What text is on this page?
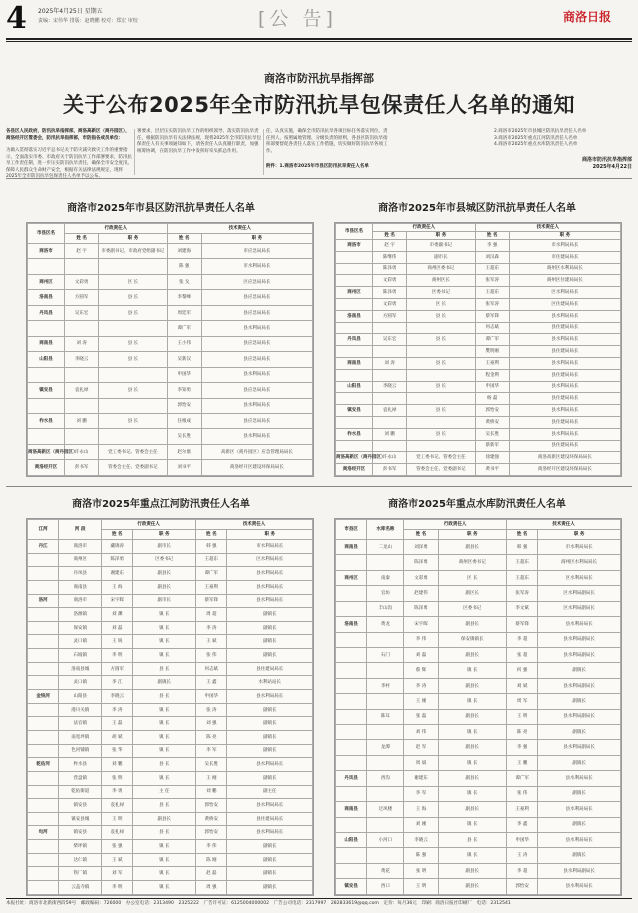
4 2025年4月25日 星期五
责编：宋伟华 排版：赵晓鹏 校对：郑宏 审校	[公 告]	商洛日报
商洛市防汛抗旱指挥部
关于公布2025年全市防汛抗旱包保责任人名单的通知
各县区人民政府，防汛抗旱指挥部，商洛高新区（商丹园区），商洛经开区管委会，防汛抗旱指挥部，市防指各成员单位：
为做入贯彻落实习近平总书记关于防灾减灾救灾工作的重要指示，全面落实市委、市政府关于防汛抗旱工作部署要求，防汛抗旱工作责任制，进一步压实防汛抗旱责任，确保全市安全度汛，保障人民群众生命财产安全，根据有关法律法规规定，现将2025年全市防汛抗旱包保责任人名单予以公布。
署要求，层层压实防汛抗旱工作的组织领导、落实防汛抗旱责任，根据防汛抗旱有关法律法规，现将2025年全市防汛抗旱包保责任人有关事项通知如下，请各责任人认真履行职责，加强统筹协调，在防汛抗旱工作中发挥好牵头抓总作用。
任，认真实施，确保全市防汛抗旱各项目标任务落实到位，责任到人，按照属地管理、分级负责的原则，各县区防汛抗旱指挥部要督促各责任人落实工作措施，切实做好防汛抗旱各项工作。
附件：1.商洛市2025年市县区防汛抗旱责任人名单
2.商洛市2025年市县城区防汛抗旱责任人名单
3.商洛市2025年重点江河防汛责任人名单
4.商洛市2025年重点水库防汛责任人名单
商洛市防汛抗旱指挥部
2025年4月22日
商洛市2025年市县区防汛抗旱责任人名单
市县区名	行政责任人		技术责任人	
	姓 名	职 务	姓 名	职 务
商洛市	赵 宇	市委副书记、市政府党组副书记	刘建海	市应急局局长
			陈 强	市水利局局长
商州区	文彩勇	区 长	张 戈	区应急局局长
洛南县	方圆军	县 长	李黎峰	县应急局局长
丹凤县	吴东宏	县 长	周廷军	县应急局局长
			谭广军	县水利局局长
商南县	刘 涛	县 长	王小伟	县应急局局长
山阳县	李晓云	县 长	吴新汉	县应急局局长
			申国华	县水利局局长
镇安县	袁礼禄	县 长	李知勇	县应急局局长
			郭怡安	县水利局局长
柞水县	刘 鹏	县 长	任根成	县应急局局长
			吴长胜	县水利局局长
商洛高新区（商丹园区）	许永山	党工委书记、管委会主任	赵尔康	高新区（商丹园区）应急管理局局长
商洛经开区	彭书军	管委会主任、党委副书记	刘书平	商洛经开区建设环保局局长
商洛市2025年市县城区防汛抗旱责任人名单
市县区名	行政责任人		技术责任人	
	姓 名	职 务	姓 名	职 务
商洛市	赵 宇	市委副书记	李 强	市水利局局长
	陈继伟	副市长	刘汉森	市住建局局长
	陈泽勇	商州区委书记	王超东	商州区水利局局长
	文彩勇	商州区长	张军涛	商州区住建局局长
商州区	陈泽勇	区委书记	王超东	区水利局局长
	文彩勇	区 长	张军涛	区住建局局长
洛南县	方圆军	县 长	蔡军锋	县水利局局长
			何志斌	县住建局局长
丹凤县	吴东宏	县 长	谭广军	县水利局局长
			樊明刚	县住建局局长
商南县	刘 涛	县 长	王豪利	县水利局局长
			程金利	县住建局局长
山阳县	李晓云	县 长	申国华	县水利局局长
			杨 磊	县住建局局长
镇安县	袁礼禄	县 长	郭怡安	县水利局局长
			黄桥安	县住建局局长
柞水县	刘 鹏	县 长	吴长胜	县水利局局长
			蔡新军	县住建局局长
商洛高新区（商丹园区）	许永山	党工委书记、管委会主任	徐建强	商洛高新区建设环保局局长
商洛经开区	彭书军	管委会主任、党委副书记	黄书平	商洛经开区建设环保局局长
商洛市2025年重点江河防汛责任人名单
江河	河 段	行政责任人		技术责任人	
		姓 名	职 务	姓 名	职 务
丹江	商洛市	藏锦涛	副市长	韩 强	市水利局局长
	商州区	陈泽勇	区委书记	王超东	区水利局局长
	丹凤县	谢建东	副县长	谭广军	县水利局局长
	商南县	王 海	副县长	王豪利	县水利局局长
洛河	商洛市	宋宇晖	副市长	蔡军锋	县水利局局长
	洛源镇	刘 渊	镇 长	周 超	副镇长
	保安镇	刘 磊	镇 长	李 涛	副镇长
	灵口镇	王 锐	镇 长	王 斌	副镇长
	石坡镇	李 明	镇 长	张 伟	副镇长
	洛南县城	方圆军	县 长	何志斌	县住建局局长
	灵口镇	李 江	副镇长	王 鑫	水利站站长
金钱河	山阳县	李晓云	县 长	申国华	县水利局局长
	漫川关镇	李 涛	镇 长	张 涛	副镇长
	法官镇	王 磊	镇 长	刘 强	副镇长
	南宽坪镇	胡 斌	镇 长	陈 亮	副镇长
	色河铺镇	张 华	镇 长	李 军	副镇长
乾佑河	柞水县	刘 鹏	县 长	吴长胜	县水利局局长
	营盘镇	张 明	镇 长	王 刚	副镇长
	乾佑街道	李 勇	主 任	刘 鹏	副主任
	镇安县	袁礼禄	县 长	郭怡安	县水利局局长
	镇安县城	王 明	副县长	黄桥安	县住建局局长
旬河	镇安县	袁礼禄	县 长	郭怡安	县水利局局长
	柴坪镇	张 强	镇 长	李 伟	副镇长
	达仁镇	王 斌	镇 长	陈 刚	副镇长
	铁厂镇	刘 军	镇 长	赵 磊	副镇长
	云盖寺镇	李 明	镇 长	周 强	副镇长
商洛市2025年重点水库防汛责任人名单
市县区	水库名称	行政责任人		技术责任人	
		姓 名	职 务	姓 名	职 务
商南县	二龙山	刘泽勇	副县长	韩 强	市水利局局长
		陈泽勇	商州区委书记	王超东	商州区水利局局长
商州区	南秦	文彩勇	区 长	王超东	区水利局局长
	官坊	赵建伟	副区长	张军涛	区水利局副局长
	丰山沟	陈泽勇	区委书记	李文斌	区水利局副局长
洛南县	黄龙	宋宇晖	副县长	蔡军锋	县水利局局长
		李 伟	保安镇镇长	李 超	县水利局副局长
	石门	刘 磊	副县长	张 超	县水利局副局长
		蔡 辉	镇 长	何 强	副镇长
	李村	李 涛	副县长	刘 斌	县水利局副局长
		王 刚	镇 长	周 军	副镇长
	陈耳	张 磊	副县长	王 明	县水利局副局长
		刘 伟	镇 长	陈 亮	副镇长
	龙潭	赵 军	副县长	李 强	县水利局副局长
		周 斌	镇 长	王 鹏	副镇长
丹凤县	西沟	谢建东	副县长	谭广军	县水利局局长
		李 军	镇 长	张 伟	副镇长
商南县	过风楼	王 海	副县长	王豪利	县水利局局长
		刘 刚	镇 长	李 鑫	副镇长
山阳县	小河口	李晓云	县 长	申国华	县水利局局长
		陈 强	镇 长	王 涛	副镇长
	黄花	张 明	副县长	李 超	县水利局副局长
镇安县	西口	王 明	副县长	郭怡安	县水利局局长
本报社址：商洛市北新街西段59号　邮政编码：726000　办公室电话：2313490　2325222　广告许可证：6125004000002　广告公司电话：2317997　282833619@qq.com　定价：每月36元　印刷：商洛日报社印刷厂　电话：2312541
